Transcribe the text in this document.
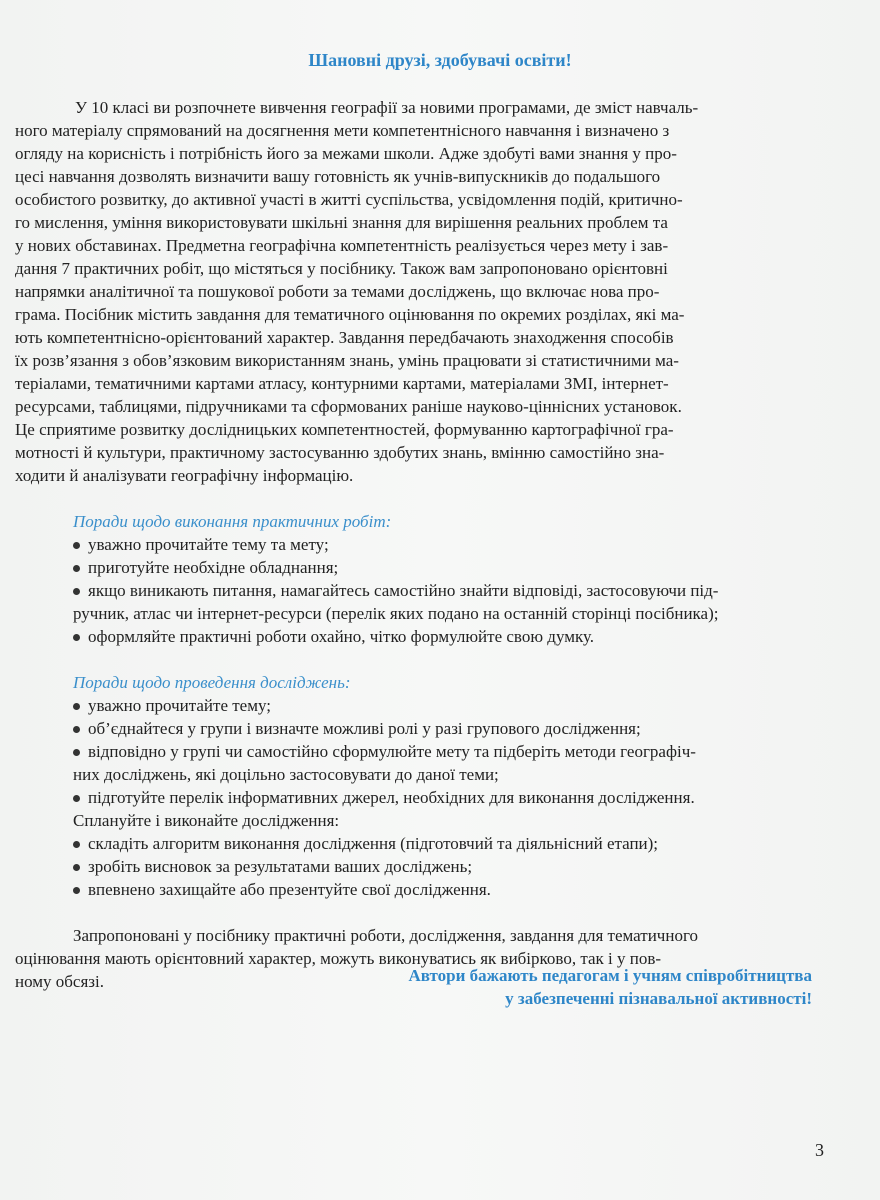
Шановні друзі, здобувачі освіти!
У 10 класі ви розпочнете вивчення географії за новими програмами, де зміст навчаль-
ного матеріалу спрямований на досягнення мети компетентнісного навчання і визначено з
огляду на корисність і потрібність його за межами школи. Адже здобуті вами знання у про-
цесі навчання дозволять визначити вашу готовність як учнів-випускників до подальшого
особистого розвитку, до активної участі в житті суспільства, усвідомлення подій, критично-
го мислення, уміння використовувати шкільні знання для вирішення реальних проблем та
у нових обставинах. Предметна географічна компетентність реалізується через мету і зав-
дання 7 практичних робіт, що містяться у посібнику. Також вам запропоновано орієнтовні
напрямки аналітичної та пошукової роботи за темами досліджень, що включає нова про-
грама. Посібник містить завдання для тематичного оцінювання по окремих розділах, які ма-
ють компетентнісно-орієнтований характер. Завдання передбачають знаходження способів
їх розв’язання з обов’язковим використанням знань, умінь працювати зі статистичними ма-
теріалами, тематичними картами атласу, контурними картами, матеріалами ЗМІ, інтернет-
ресурсами, таблицями, підручниками та сформованих раніше науково-ціннісних установок.
Це сприятиме розвитку дослідницьких компетентностей, формуванню картографічної гра-
мотності й культури, практичному застосуванню здобутих знань, вмінню самостійно зна-
ходити й аналізувати географічну інформацію.
Поради щодо виконання практичних робіт:
уважно прочитайте тему та мету;
приготуйте необхідне обладнання;
якщо виникають питання, намагайтесь самостійно знайти відповіді, застосовуючи під-
ручник, атлас чи інтернет-ресурси (перелік яких подано на останній сторінці посібника);
оформляйте практичні роботи охайно, чітко формулюйте свою думку.
Поради щодо проведення досліджень:
уважно прочитайте тему;
об’єднайтеся у групи і визначте можливі ролі у разі групового дослідження;
відповідно у групі чи самостійно сформулюйте мету та підберіть методи географіч-
них досліджень, які доцільно застосовувати до даної теми;
підготуйте перелік інформативних джерел, необхідних для виконання дослідження.
Сплануйте і виконайте дослідження:
складіть алгоритм виконання дослідження (підготовчий та діяльнісний етапи);
зробіть висновок за результатами ваших досліджень;
впевнено захищайте або презентуйте свої дослідження.
Запропоновані у посібнику практичні роботи, дослідження, завдання для тематичного
оцінювання мають орієнтовний характер, можуть виконуватись як вибірково, так і у пов-
ному обсязі.	Автори бажають педагогам і учням співробітництва
у забезпеченні пізнавальної активності!
3
